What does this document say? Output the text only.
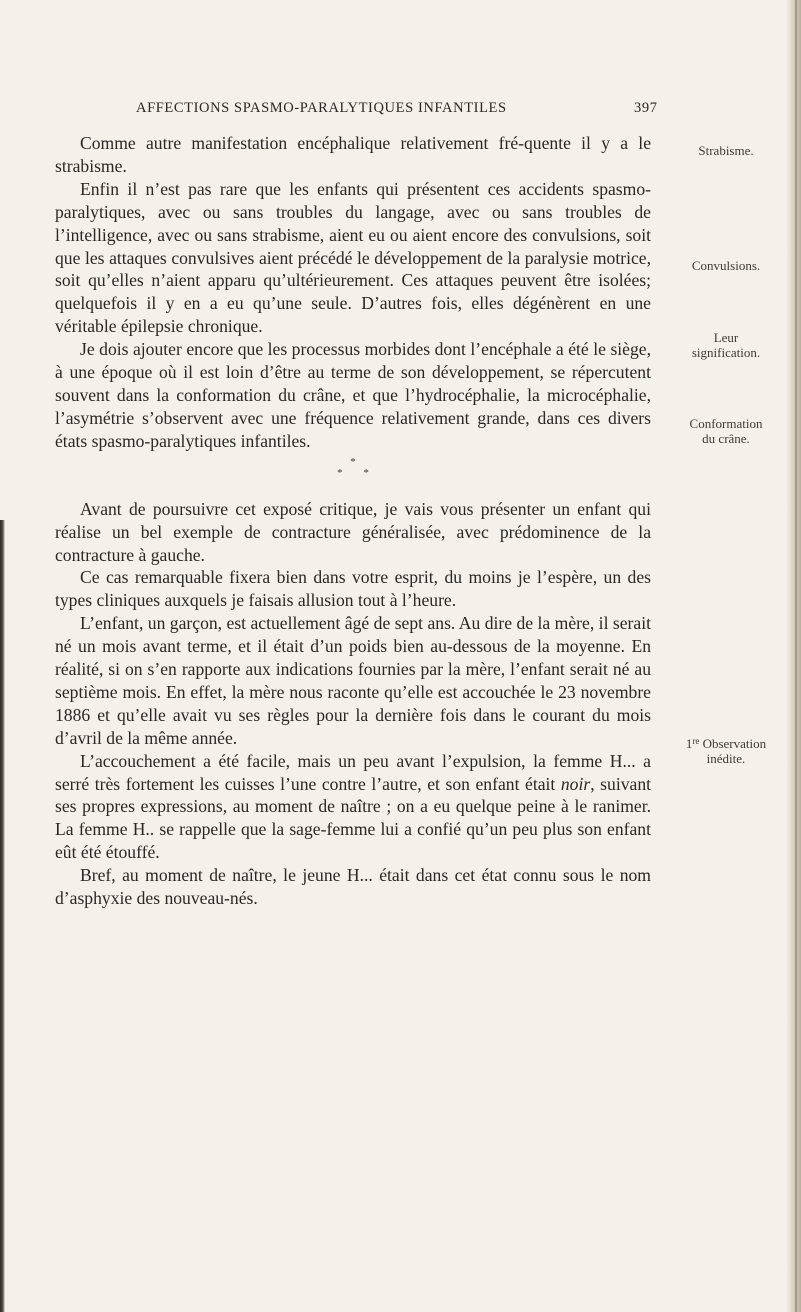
AFFECTIONS SPASMO-PARALYTIQUES INFANTILES	397

Comme autre manifestation encéphalique relativement fré-quente il y a le strabisme.

Enfin il n’est pas rare que les enfants qui présentent ces accidents spasmo-paralytiques, avec ou sans troubles du langage, avec ou sans troubles de l’intelligence, avec ou sans strabisme, aient eu ou aient encore des convulsions, soit que les attaques convulsives aient précédé le développement de la paralysie motrice, soit qu’elles n’aient apparu qu’ultérieurement. Ces attaques peuvent être isolées; quelquefois il y en a eu qu’une seule. D’autres fois, elles dégénèrent en une véritable épilepsie chronique.

Je dois ajouter encore que les processus morbides dont l’encéphale a été le siège, à une époque où il est loin d’être au terme de son développement, se répercutent souvent dans la conformation du crâne, et que l’hydrocéphalie, la microcéphalie, l’asymétrie s’observent avec une fréquence relativement grande, dans ces divers états spasmo-paralytiques infantiles.

*
* *

Avant de poursuivre cet exposé critique, je vais vous présenter un enfant qui réalise un bel exemple de contracture généralisée, avec prédominence de la contracture à gauche.

Ce cas remarquable fixera bien dans votre esprit, du moins je l’espère, un des types cliniques auxquels je faisais allusion tout à l’heure.

L’enfant, un garçon, est actuellement âgé de sept ans. Au dire de la mère, il serait né un mois avant terme, et il était d’un poids bien au-dessous de la moyenne. En réalité, si on s’en rapporte aux indications fournies par la mère, l’enfant serait né au septième mois. En effet, la mère nous raconte qu’elle est accouchée le 23 novembre 1886 et qu’elle avait vu ses règles pour la dernière fois dans le courant du mois d’avril de la même année.

L’accouchement a été facile, mais un peu avant l’expulsion, la femme H... a serré très fortement les cuisses l’une contre l’autre, et son enfant était noir, suivant ses propres expressions, au moment de naître ; on a eu quelque peine à le ranimer. La femme H.. se rappelle que la sage-femme lui a confié qu’un peu plus son enfant eût été étouffé.

Bref, au moment de naître, le jeune H... était dans cet état connu sous le nom d’asphyxie des nouveau-nés.

Strabisme.
Convulsions.
Leur
signification.
Conformation
du crâne.
1re Observation
inédite.
